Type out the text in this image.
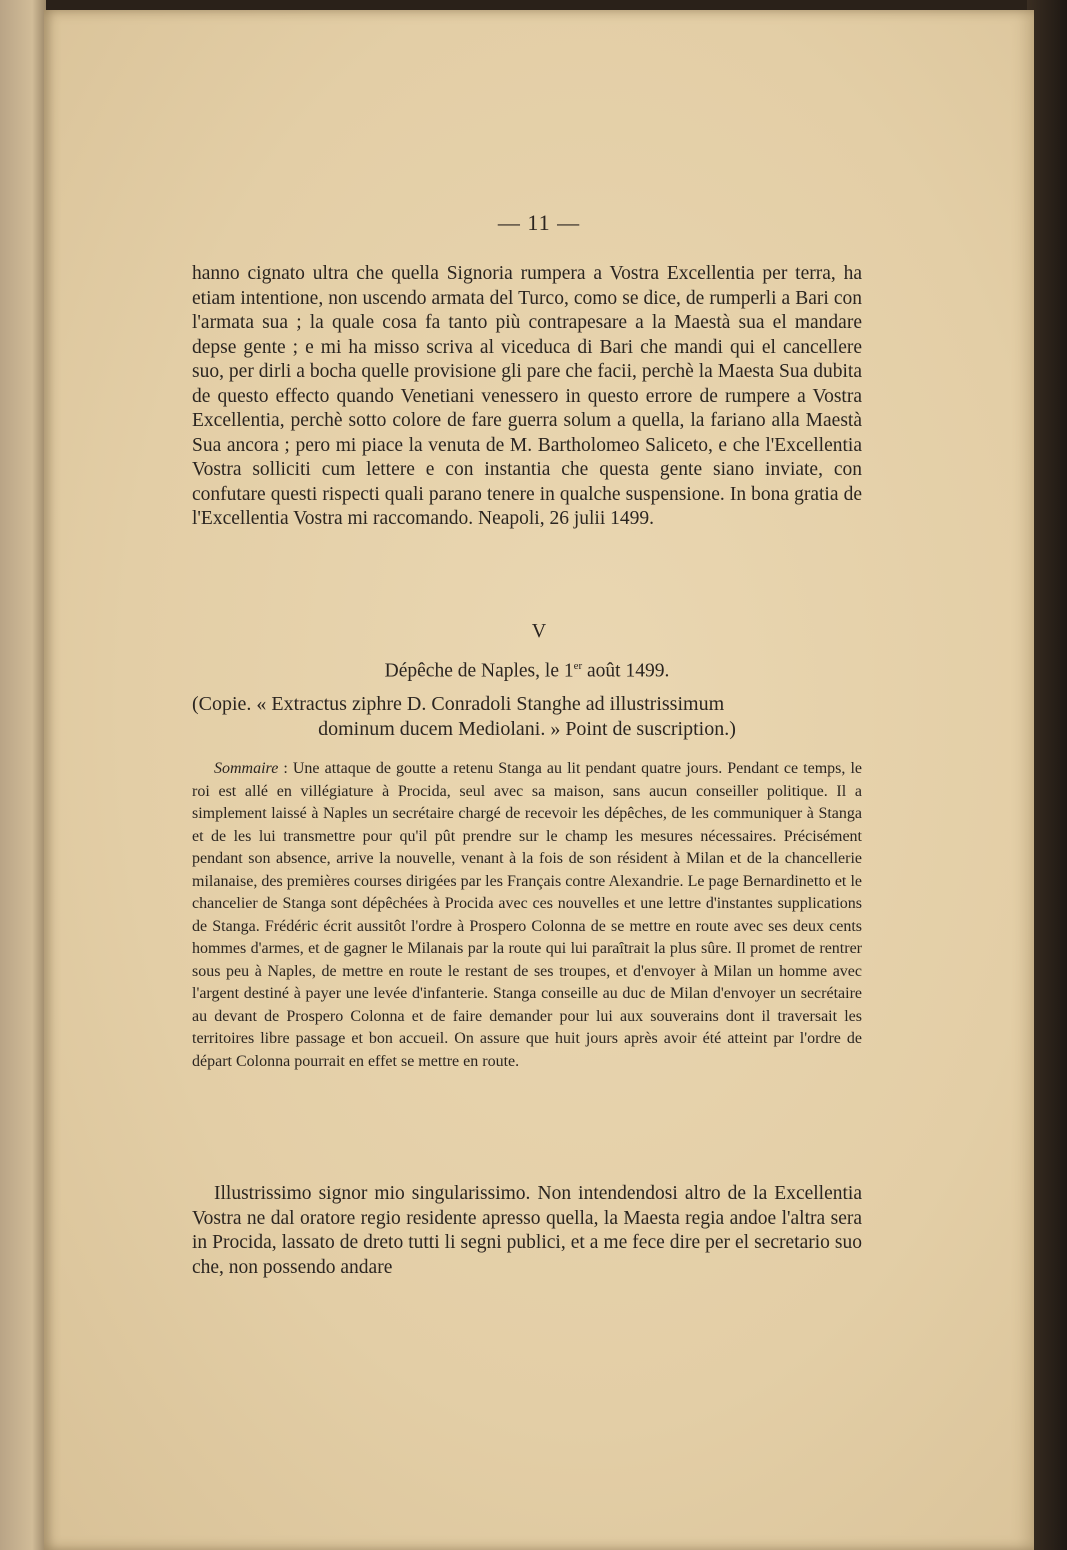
— 11 —

hanno cignato ultra che quella Signoria rumpera a Vostra Excellentia per terra, ha etiam intentione, non uscendo armata del Turco, como se dice, de rumperli a Bari con l'armata sua ; la quale cosa fa tanto più contrapesare a la Maestà sua el mandare depse gente ; e mi ha misso scriva al viceduca di Bari che mandi qui el cancellere suo, per dirli a bocha quelle provisione gli pare che facii, perchè la Maesta Sua dubita de questo effecto quando Venetiani venessero in questo errore de rumpere a Vostra Excellentia, perchè sotto colore de fare guerra solum a quella, la fariano alla Maestà Sua ancora ; pero mi piace la venuta de M. Bartholomeo Saliceto, e che l'Excellentia Vostra solliciti cum lettere e con instantia che questa gente siano inviate, con confutare questi rispecti quali parano tenere in qualche suspensione. In bona gratia de l'Excellentia Vostra mi raccomando. Neapoli, 26 julii 1499.

V

Dépêche de Naples, le 1er août 1499.

(Copie. « Extractus ziphre D. Conradoli Stanghe ad illustrissimum
dominum ducem Mediolani. » Point de suscription.)

Sommaire : Une attaque de goutte a retenu Stanga au lit pendant quatre jours. Pendant ce temps, le roi est allé en villégiature à Procida, seul avec sa maison, sans aucun conseiller politique. Il a simplement laissé à Naples un secrétaire chargé de recevoir les dépêches, de les communiquer à Stanga et de les lui transmettre pour qu'il pût prendre sur le champ les mesures nécessaires. Précisément pendant son absence, arrive la nouvelle, venant à la fois de son résident à Milan et de la chancellerie milanaise, des premières courses dirigées par les Français contre Alexandrie. Le page Bernardinetto et le chancelier de Stanga sont dépêchées à Procida avec ces nouvelles et une lettre d'instantes supplications de Stanga. Frédéric écrit aussitôt l'ordre à Prospero Colonna de se mettre en route avec ses deux cents hommes d'armes, et de gagner le Milanais par la route qui lui paraîtrait la plus sûre. Il promet de rentrer sous peu à Naples, de mettre en route le restant de ses troupes, et d'envoyer à Milan un homme avec l'argent destiné à payer une levée d'infanterie. Stanga conseille au duc de Milan d'envoyer un secrétaire au devant de Prospero Colonna et de faire demander pour lui aux souverains dont il traversait les territoires libre passage et bon accueil. On assure que huit jours après avoir été atteint par l'ordre de départ Colonna pourrait en effet se mettre en route.

Illustrissimo signor mio singularissimo. Non intendendosi altro de la Excellentia Vostra ne dal oratore regio residente apresso quella, la Maesta regia andoe l'altra sera in Procida, lassato de dreto tutti li segni publici, et a me fece dire per el secretario suo che, non possendo andare
